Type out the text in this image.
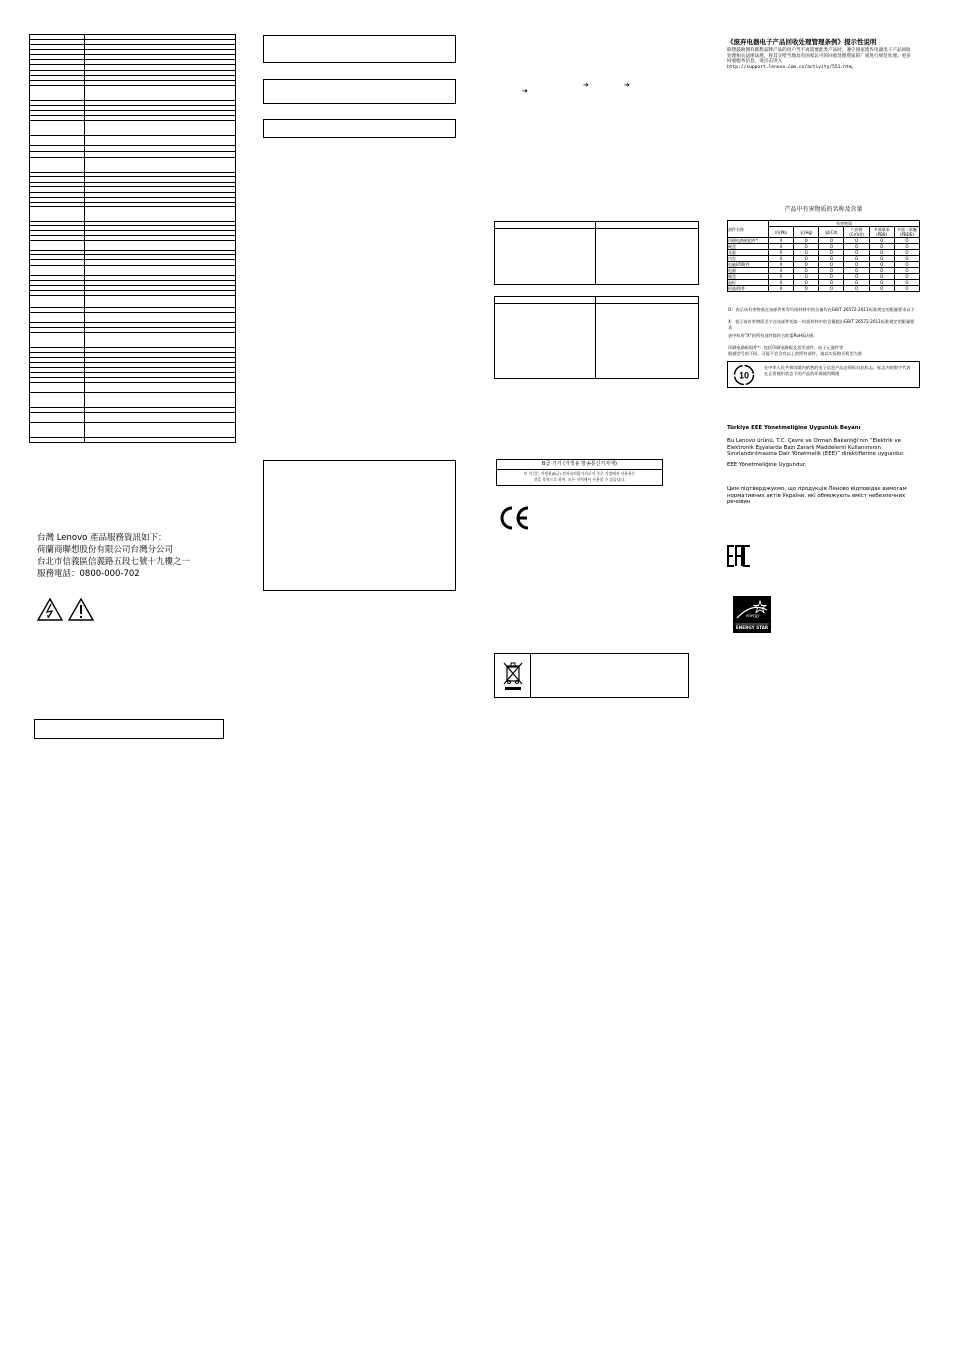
台灣 Lenovo 產品服務資訊如下：
荷蘭商聯想股份有限公司台灣分公司
台北市信義區信義路五段七號十九樓之一
服務電話：0800-000-702
➔	➔
➔
B급 기기 (가정용 방송통신기자재)
이 기기는 가정용(B급) 전자파적합기기로서 주로 가정에서 사용하는
것을 목적으로 하며, 모든 지역에서 사용할 수 있습니다.
《废弃电器电子产品回收处理管理条例》提示性说明
联想鼓励拥有联想品牌产品的用户当不再需要此类产品时，遵守国家废弃电器电子产品回收处理相关法律法规，将其交给当地具有国家认可的回收处理资质的厂商进行规范处理。更多回收服务信息，请点击进入 http://support.lenovo.com.cn/activity/551.htm。
产品中有害物质的名称及含量
部件名称	有害物质					
	铅(Pb)	汞(Hg)	镉(Cd)	六价铬 (Cr(VI))	多溴联苯 (PBB)	多溴二苯醚 (PBDE)
印刷电路板组件*	X	O	O	O	O	O
硬盘	X	O	O	O	O	O
光驱	X	O	O	O	O	O
内存	X	O	O	O	O	O
电脑I/O附件	X	O	O	O	O	O
电源	X	O	O	O	O	O
键盘	X	O	O	O	O	O
鼠标	X	O	O	O	O	O
机箱/附件	X	O	O	O	O	O
O：表示该有害物质在该部件所有均质材料中的含量均在GB/T 26572-2011标准规定的限量要求以下
X：表示该有害物质至少在该部件的某一均质材料中的含量超出GB/T 26572-2011标准规定的限量要求
表中标有“X”的所有部件都符合欧盟RoHS法规。
印刷电路板组件*：包括印刷电路板及其零部件、电子元器件等
根据型号的不同，可能不会含有以上的所有部件，请以实际购买机型为准
10
在中华人民共和国境内销售的电子信息产品必须标识此标志，标志内的数字代表在正常使用状态下的产品的环保使用期限
Türkiye EEE Yönetmeliğine Uygunluk Beyanı
Bu Lenovo ürünü, T.C. Çevre ve Orman Bakanlığı'nın “Elektrik ve Elektronik Eşyalarda Bazı Zararlı Maddelerin Kullanımının Sınırlandırılmasına Dair Yönetmelik (EEE)” direktiflerine uygundur.
EEE Yönetmeliğine Uygundur.
Цим підтверджуємо, що продукція Леново відповідає вимогам нормативних актів України, які обмежують вміст небезпечних речовин
energy
ENERGY STAR
